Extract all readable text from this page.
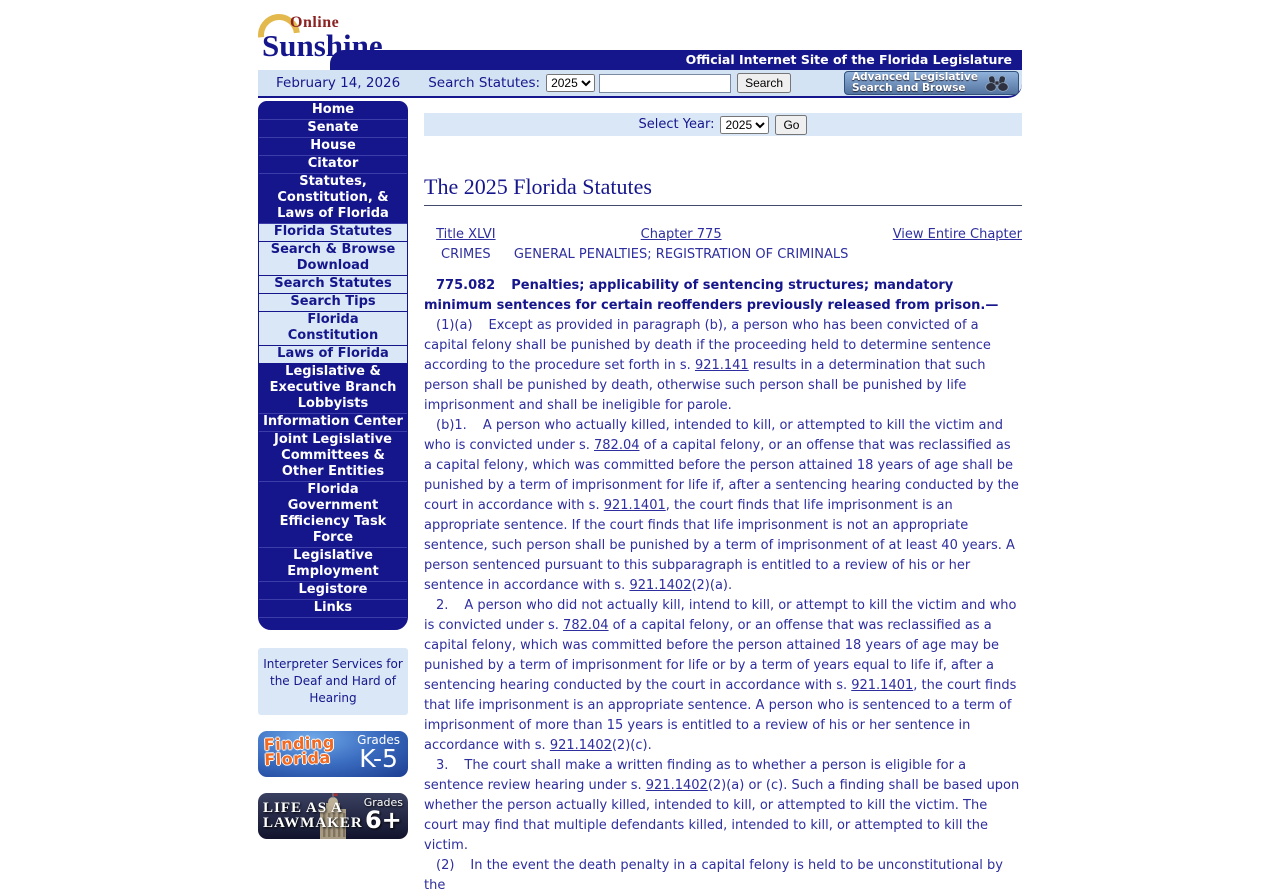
Official Internet Site of the Florida Legislature
Online
Sunshine
February 14, 2026 Search Statutes:
2025	Search	Advanced Legislative
Search and Browse
Home
Senate
House
Citator
Statutes, Constitution, & Laws of Florida
Florida Statutes
Search & Browse Download
Search Statutes
Search Tips
Florida Constitution
Laws of Florida
Legislative & Executive Branch Lobbyists
Information Center
Joint Legislative Committees & Other Entities
Florida Government Efficiency Task Force
Legislative Employment
Legistore
Links
Interpreter Services for the Deaf and Hard of Hearing
Finding
Florida
Grades
K-5
LIFE AS A
LAWMAKER
Grades
6+
Select Year:
2025	Go
The 2025 Florida Statutes
Title XLVI	Chapter 775	View Entire Chapter
CRIMES	GENERAL PENALTIES; REGISTRATION OF CRIMINALS	

775.082 Penalties; applicability of sentencing structures; mandatory minimum sentences for certain reoffenders previously released from prison.—

(1)(a) Except as provided in paragraph (b), a person who has been convicted of a capital felony shall be punished by death if the proceeding held to determine sentence according to the procedure set forth in s. 921.141 results in a determination that such person shall be punished by death, otherwise such person shall be punished by life imprisonment and shall be ineligible for parole.

(b)1. A person who actually killed, intended to kill, or attempted to kill the victim and who is convicted under s. 782.04 of a capital felony, or an offense that was reclassified as a capital felony, which was committed before the person attained 18 years of age shall be punished by a term of imprisonment for life if, after a sentencing hearing conducted by the court in accordance with s. 921.1401, the court finds that life imprisonment is an appropriate sentence. If the court finds that life imprisonment is not an appropriate sentence, such person shall be punished by a term of imprisonment of at least 40 years. A person sentenced pursuant to this subparagraph is entitled to a review of his or her sentence in accordance with s. 921.1402(2)(a).

2. A person who did not actually kill, intend to kill, or attempt to kill the victim and who is convicted under s. 782.04 of a capital felony, or an offense that was reclassified as a capital felony, which was committed before the person attained 18 years of age may be punished by a term of imprisonment for life or by a term of years equal to life if, after a sentencing hearing conducted by the court in accordance with s. 921.1401, the court finds that life imprisonment is an appropriate sentence. A person who is sentenced to a term of imprisonment of more than 15 years is entitled to a review of his or her sentence in accordance with s. 921.1402(2)(c).

3. The court shall make a written finding as to whether a person is eligible for a sentence review hearing under s. 921.1402(2)(a) or (c). Such a finding shall be based upon whether the person actually killed, intended to kill, or attempted to kill the victim. The court may find that multiple defendants killed, intended to kill, or attempted to kill the victim.

(2) In the event the death penalty in a capital felony is held to be unconstitutional by the
